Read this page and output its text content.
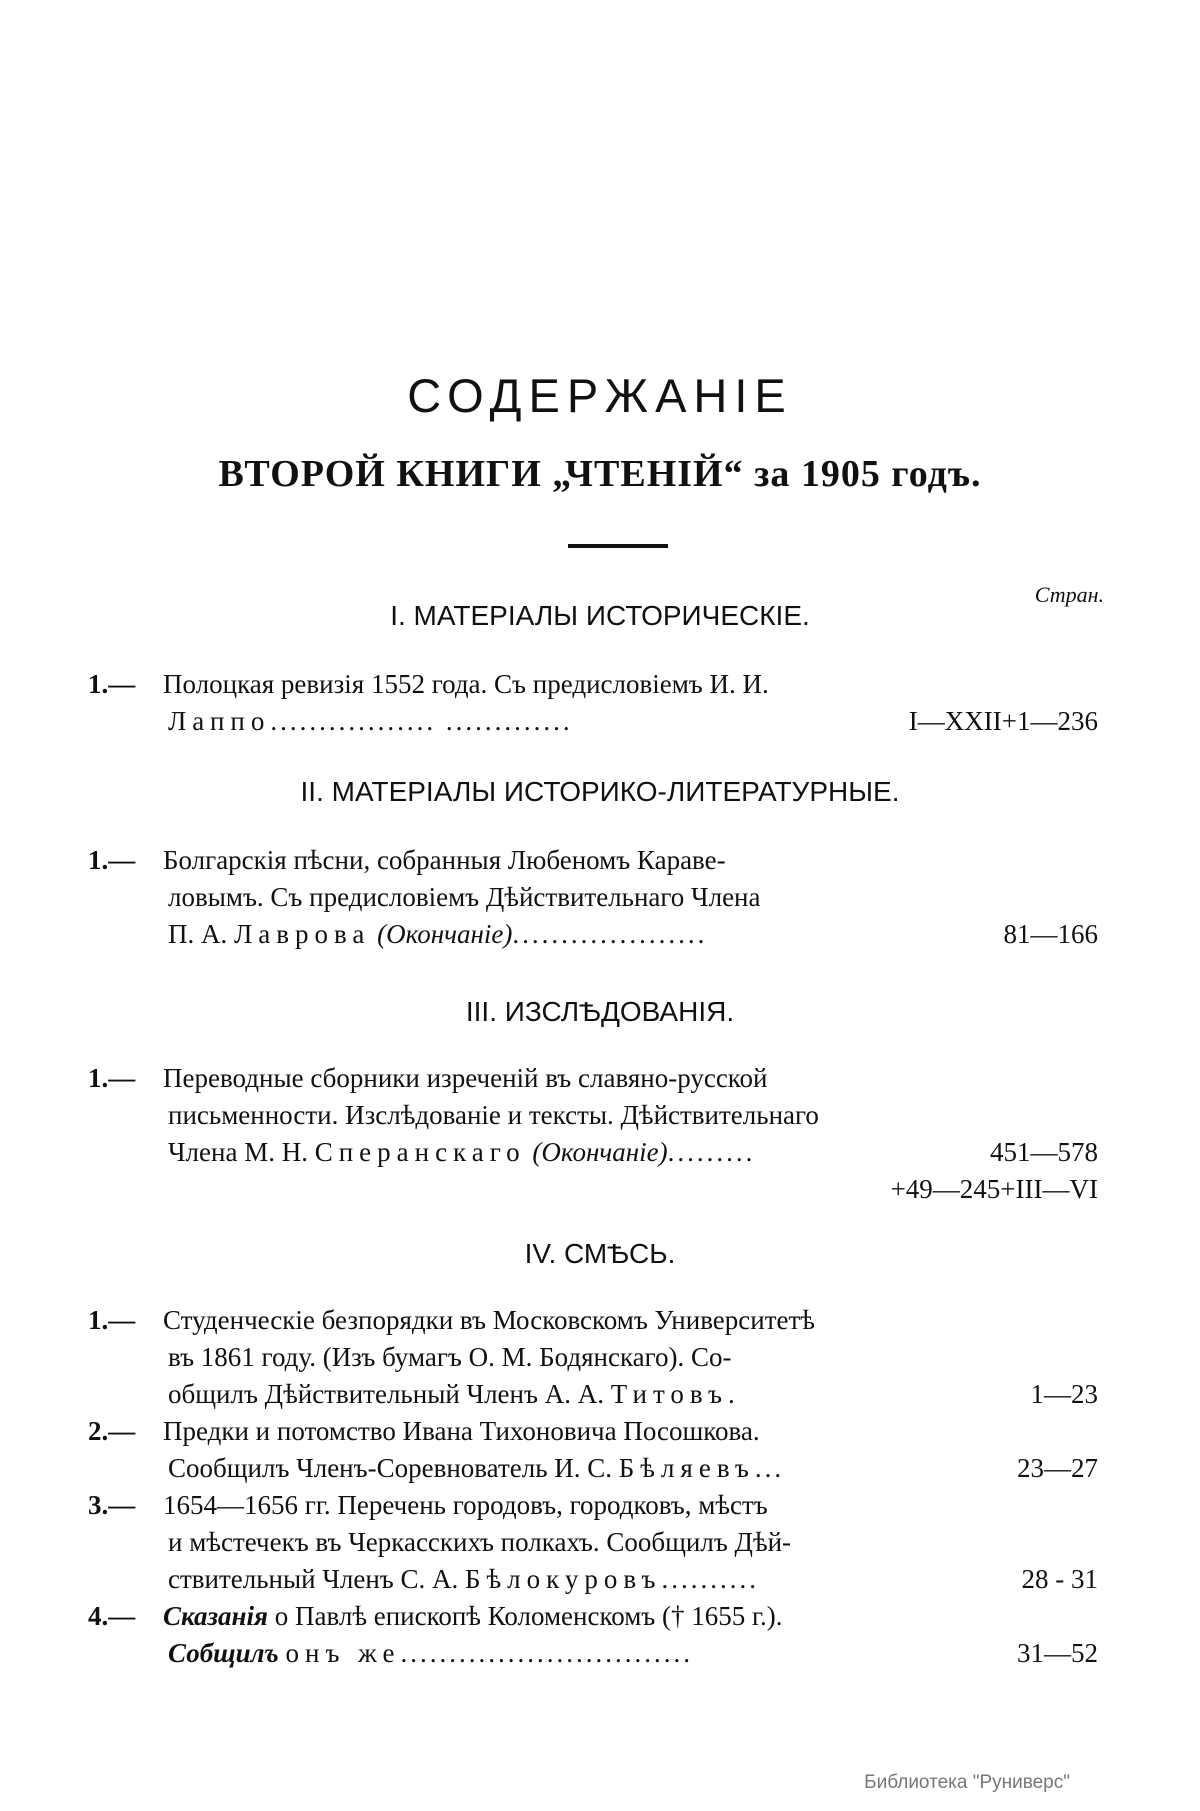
СОДЕРЖАНІЕ
ВТОРОЙ КНИГИ „ЧТЕНІЙ“ за 1905 годъ.
Стран.
I. МАТЕРІАЛЫ ИСТОРИЧЕСКІЕ.
1.—	Полоцкая ревизія 1552 года. Съ предисловіемъ И. И.
Лаппо................. .............	I—XXII+1—236
II. МАТЕРІАЛЫ ИСТОРИКО-ЛИТЕРАТУРНЫЕ.
1.—	Болгарскія пѣсни, собранныя Любеномъ Караве-
ловымъ. Съ предисловіемъ Дѣйствительнаго Члена
П. А. Лаврова (Окончаніе)....................	81—166
III. ИЗСЛѢДОВАНІЯ.
1.—	Переводные сборники изреченій въ славяно-русской
письменности. Изслѣдованіе и тексты. Дѣйствительнаго
Члена М. Н. Сперанскаго (Окончаніе).........	451—578
+49—245+III—VI
IV. СМѢСЬ.
1.—	Студенческіе безпорядки въ Московскомъ Университетѣ
въ 1861 году. (Изъ бумагъ О. М. Бодянскаго). Со-
общилъ Дѣйствительный Членъ А. А. Титовъ.	1—23
2.—	Предки и потомство Ивана Тихоновича Посошкова.
Сообщилъ Членъ-Соревнователь И. С. Бѣляевъ...	23—27
3.—	1654—1656 гг. Перечень городовъ, городковъ, мѣстъ
и мѣстечекъ въ Черкасскихъ полкахъ. Сообщилъ Дѣй-
ствительный Членъ С. А. Бѣлокуровъ..........	28 - 31
4.—	Сказанія о Павлѣ епископѣ Коломенскомъ († 1655 г.).
Собщилъ онъ же..............................	31—52
Библиотека "Руниверс"
